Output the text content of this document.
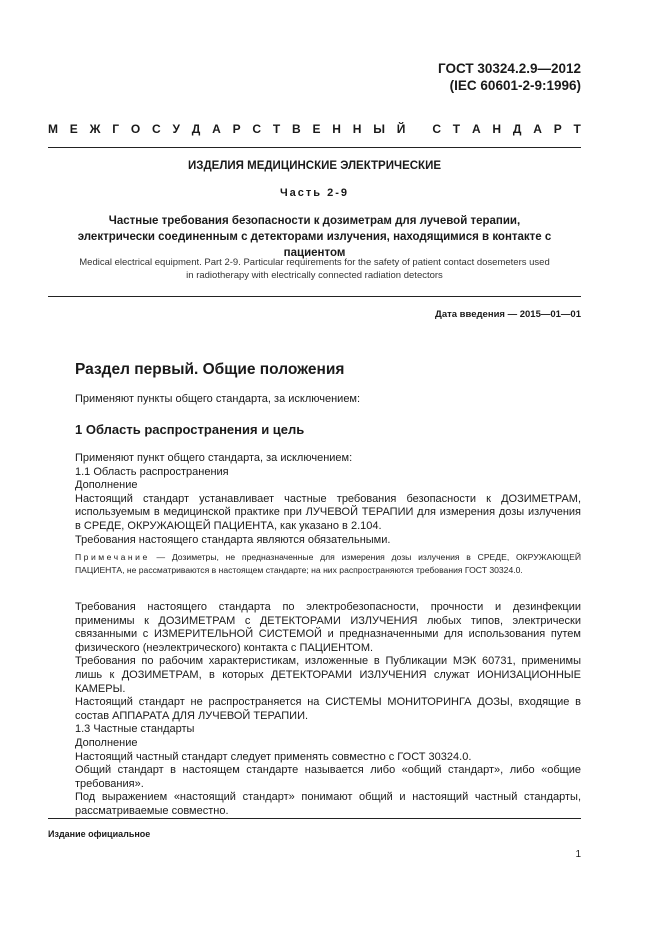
ГОСТ 30324.2.9—2012
(IEC 60601-2-9:1996)
М Е Ж Г О С У Д А Р С Т В Е Н Н Ы Й
С Т А Н Д А Р Т
ИЗДЕЛИЯ МЕДИЦИНСКИЕ ЭЛЕКТРИЧЕСКИЕ
Часть 2-9
Частные требования безопасности к дозиметрам для лучевой терапии,
электрически соединенным с детекторами излучения, находящимися в контакте с пациентом
Medical electrical equipment. Part 2-9. Particular requirements for the safety of patient contact dosemeters used
in radiotherapy with electrically connected radiation detectors
Дата введения — 2015—01—01
Раздел первый. Общие положения
Применяют пункты общего стандарта, за исключением:
1 Область распространения и цель
Применяют пункт общего стандарта, за исключением:
1.1 Область распространения
Дополнение
Настоящий стандарт устанавливает частные требования безопасности к ДОЗИМЕТРАМ, используемым в медицинской практике при ЛУЧЕВОЙ ТЕРАПИИ для измерения дозы излучения в СРЕДЕ, ОКРУЖАЮЩЕЙ ПАЦИЕНТА, как указано в 2.104.
Требования настоящего стандарта являются обязательными.
Примечание — Дозиметры, не предназначенные для измерения дозы излучения в СРЕДЕ, ОКРУЖАЮЩЕЙ ПАЦИЕНТА, не рассматриваются в настоящем стандарте; на них распространяются требования ГОСТ 30324.0.
Требования настоящего стандарта по электробезопасности, прочности и дезинфекции применимы к ДОЗИМЕТРАМ с ДЕТЕКТОРАМИ ИЗЛУЧЕНИЯ любых типов, электрически связанными с ИЗМЕРИТЕЛЬНОЙ СИСТЕМОЙ и предназначенными для использования путем физического (неэлектрического) контакта с ПАЦИЕНТОМ.
Требования по рабочим характеристикам, изложенные в Публикации МЭК 60731, применимы лишь к ДОЗИМЕТРАМ, в которых ДЕТЕКТОРАМИ ИЗЛУЧЕНИЯ служат ИОНИЗАЦИОННЫЕ КАМЕРЫ.
Настоящий стандарт не распространяется на СИСТЕМЫ МОНИТОРИНГА ДОЗЫ, входящие в состав АППАРАТА ДЛЯ ЛУЧЕВОЙ ТЕРАПИИ.
1.3 Частные стандарты
Дополнение
Настоящий частный стандарт следует применять совместно с ГОСТ 30324.0.
Общий стандарт в настоящем стандарте называется либо «общий стандарт», либо «общие требования».
Под выражением «настоящий стандарт» понимают общий и настоящий частный стандарты, рассматриваемые совместно.
Издание официальное
1
